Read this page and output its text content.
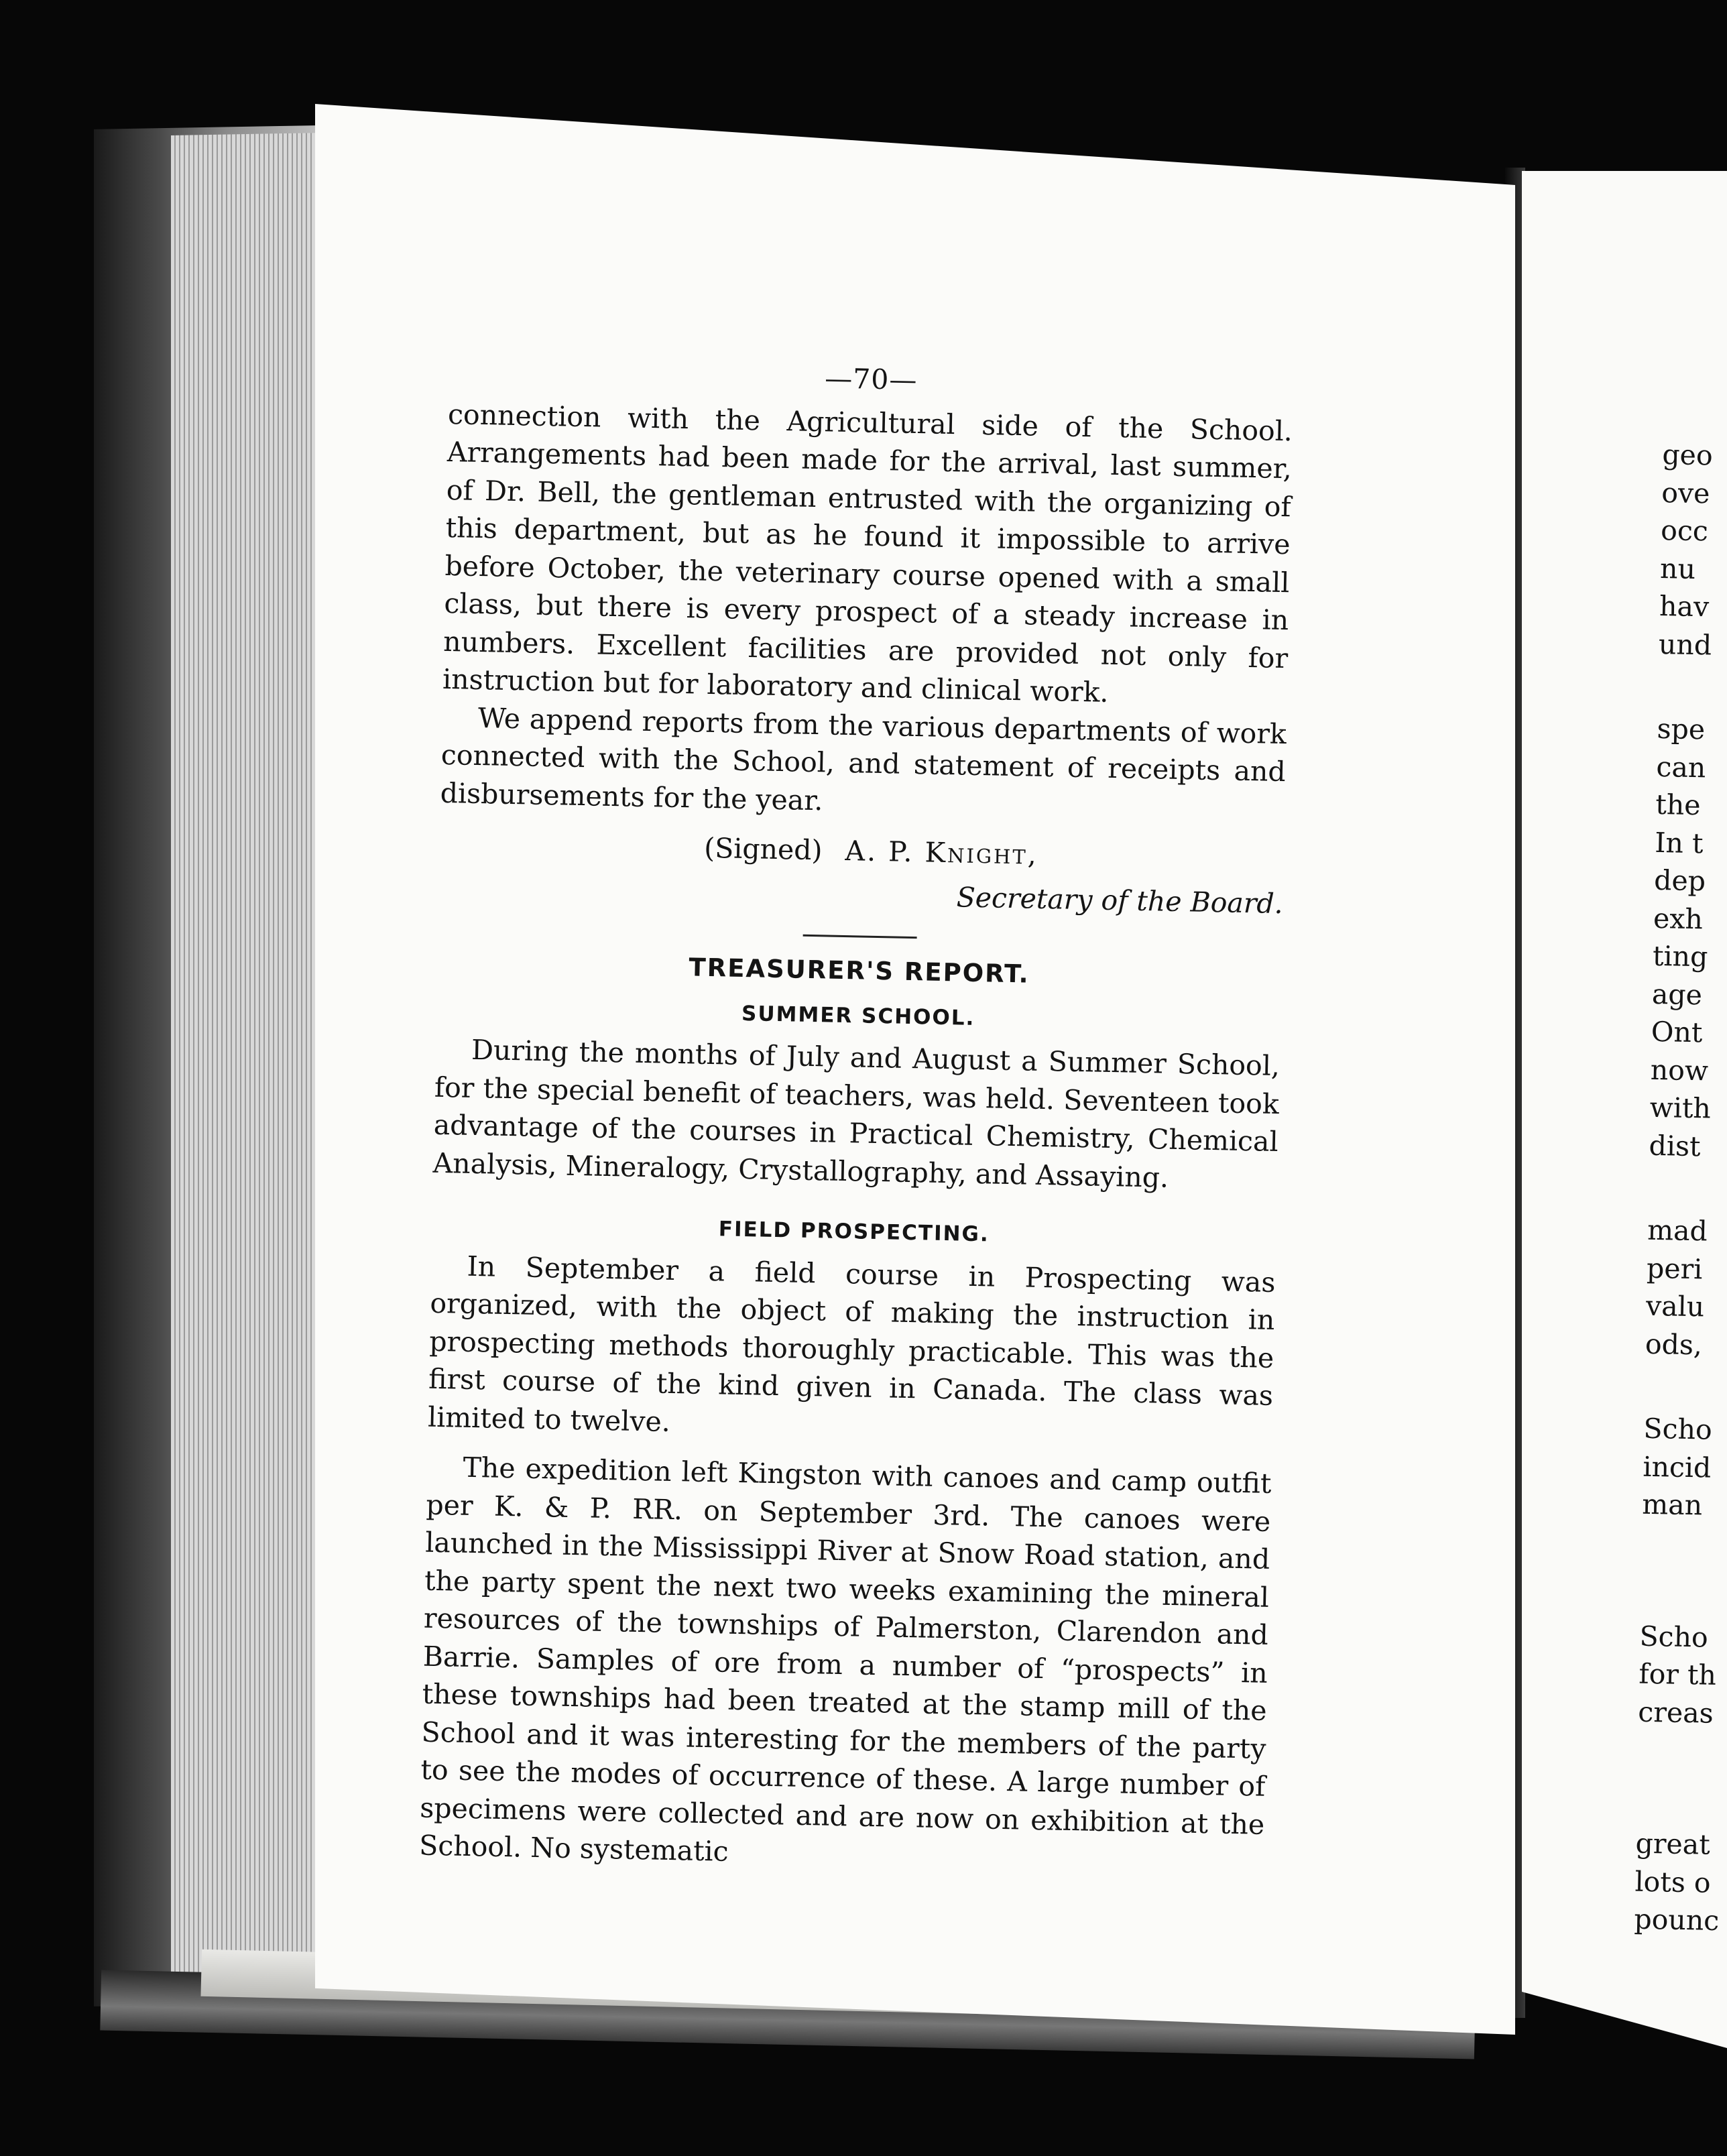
—70—

connection with the Agricultural side of the School. Arrangements had been made for the arrival, last summer, of Dr. Bell, the gentleman entrusted with the organizing of this department, but as he found it impossible to arrive before October, the veterinary course opened with a small class, but there is every prospect of a steady increase in numbers. Excellent facilities are provided not only for instruction but for laboratory and clinical work.

We append reports from the various departments of work connected with the School, and statement of receipts and disbursements for the year.

(Signed) A. P. Knight,
Secretary of the Board.
TREASURER'S REPORT.
SUMMER SCHOOL.

During the months of July and August a Summer School, for the special benefit of teachers, was held. Seventeen took advantage of the courses in Practical Chemistry, Chemical Analysis, Mineralogy, Crystallography, and Assaying.

FIELD PROSPECTING.

In September a field course in Prospecting was organized, with the object of making the instruction in prospecting methods thoroughly practicable. This was the first course of the kind given in Canada. The class was limited to twelve.

The expedition left Kingston with canoes and camp outfit per K. & P. RR. on September 3rd. The canoes were launched in the Mississippi River at Snow Road station, and the party spent the next two weeks examining the mineral resources of the townships of Palmerston, Clarendon and Barrie. Samples of ore from a number of “prospects” in these townships had been treated at the stamp mill of the School and it was interesting for the members of the party to see the modes of occurrence of these. A large number of specimens were collected and are now on exhibition at the School. No systematic

geo
ove
occ
nu
hav
und
spe
can
the
In t
dep
exh
ting
age
Ont
now
with
dist
mad
peri
valu
ods,
Scho
incid
man
Scho
for th
creas
great
lots o
pounc
